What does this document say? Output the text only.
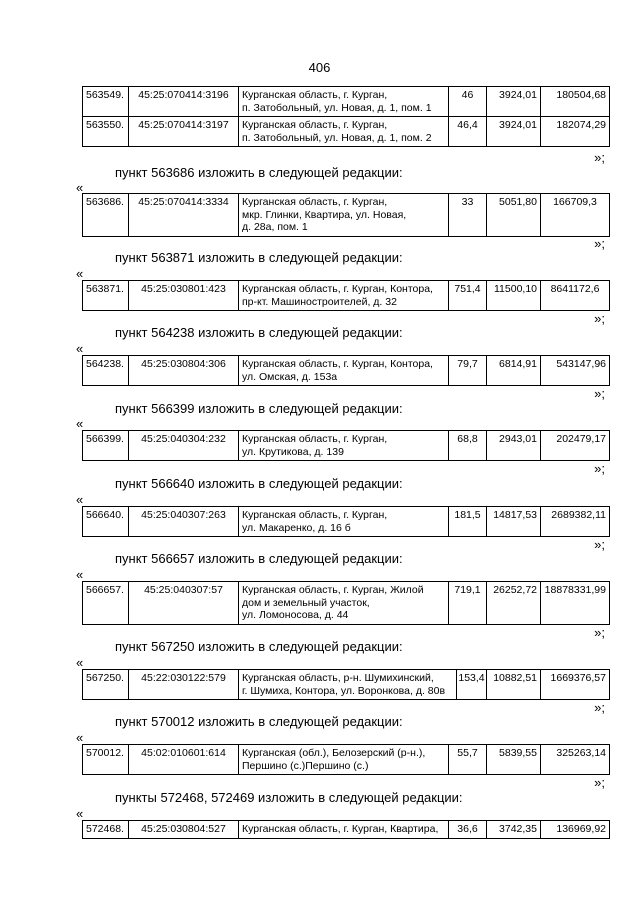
406
563549.	45:25:070414:3196	Курганская область, г. Курган,
п. Затобольный, ул. Новая, д. 1, пом. 1	46	3924,01	180504,68
563550.	45:25:070414:3197	Курганская область, г. Курган,
п. Затобольный, ул. Новая, д. 1, пом. 2	46,4	3924,01	182074,29
»;
пункт 563686 изложить в следующей редакции:
«
563686.	45:25:070414:3334	Курганская область, г. Курган,
мкр. Глинки, Квартира, ул. Новая,
д. 28а, пом. 1
	33	5051,80	166709,3
»;
пункт 563871 изложить в следующей редакции:
«
563871.	45:25:030801:423	Курганская область, г. Курган, Контора,
пр-кт. Машиностроителей, д. 32
	751,4	11500,10	8641172,6
»;
пункт 564238 изложить в следующей редакции:
«
564238.	45:25:030804:306	Курганская область, г. Курган, Контора,
ул. Омская, д. 153а
	79,7	6814,91	543147,96
»;
пункт 566399 изложить в следующей редакции:
«
566399.	45:25:040304:232	Курганская область, г. Курган,
ул. Крутикова, д. 139
	68,8	2943,01	202479,17
»;
пункт 566640 изложить в следующей редакции:
«
566640.	45:25:040307:263	Курганская область, г. Курган,
ул. Макаренко, д. 16 б
	181,5	14817,53	2689382,11
»;
пункт 566657 изложить в следующей редакции:
«
566657.	45:25:040307:57	Курганская область, г. Курган, Жилой
дом и земельный участок,
ул. Ломоносова, д. 44
	719,1	26252,72	18878331,99
»;
пункт 567250 изложить в следующей редакции:
«
567250.	45:22:030122:579	Курганская область, р-н. Шумихинский,
г. Шумиха, Контора, ул. Воронкова, д. 80в
	153,4	10882,51	1669376,57
»;
пункт 570012 изложить в следующей редакции:
«
570012.	45:02:010601:614	Курганская (обл.), Белозерский (р-н.),
Першино (с.)Першино (с.)
	55,7	5839,55	325263,14
»;
пункты 572468, 572469 изложить в следующей редакции:
«
572468.	45:25:030804:527	Курганская область, г. Курган, Квартира,	36,6	3742,35	136969,92
